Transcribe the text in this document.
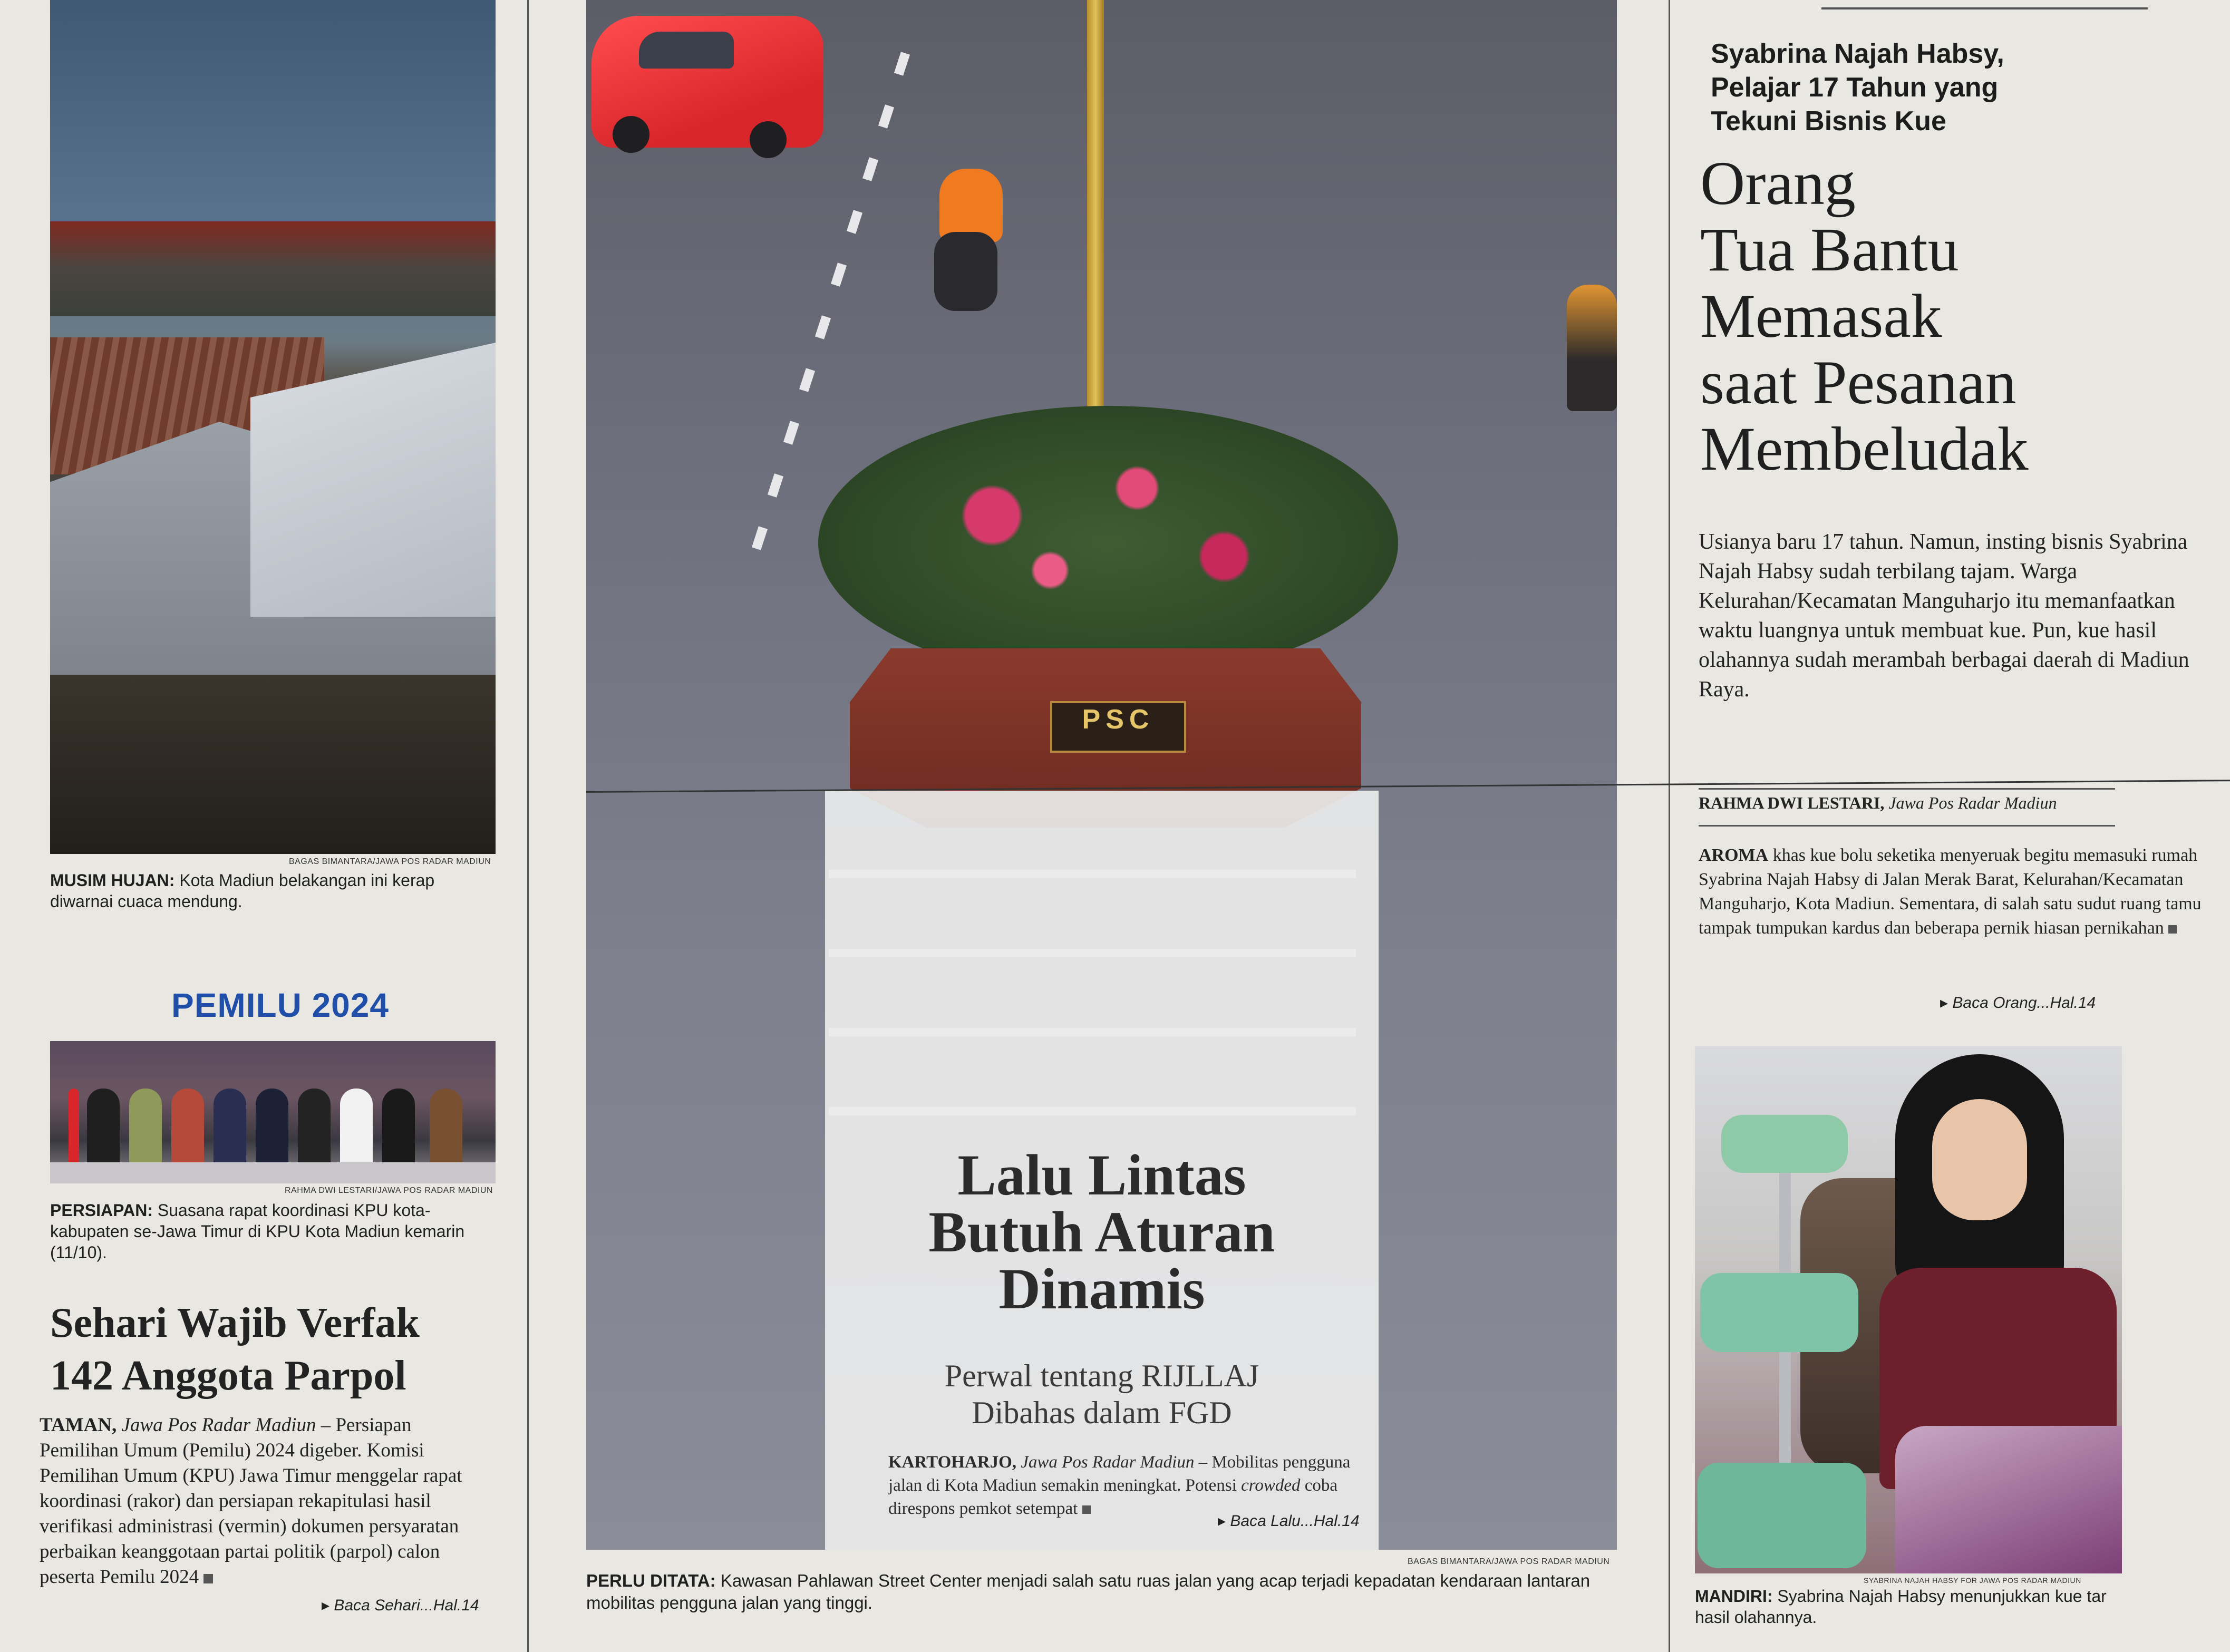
BAGAS BIMANTARA/JAWA POS RADAR MADIUN
MUSIM HUJAN: Kota Madiun belakangan ini kerap diwarnai cuaca mendung.
PEMILU 2024
RAHMA DWI LESTARI/JAWA POS RADAR MADIUN
PERSIAPAN: Suasana rapat koordinasi KPU kota-kabupaten se-Jawa Timur di KPU Kota Madiun kemarin (11/10).
Sehari Wajib Verfak
142 Anggota Parpol
TAMAN, Jawa Pos Radar Madiun – Persiapan Pemilihan Umum (Pemilu) 2024 digeber. Komisi Pemilihan Umum (KPU) Jawa Timur menggelar rapat koordinasi (rakor) dan persiapan rekapitulasi hasil verifikasi administrasi (vermin) dokumen persyaratan perbaikan keanggotaan partai politik (parpol) calon peserta Pemilu 2024
▸ Baca Sehari...Hal.14
PSC
Lalu Lintas
Butuh Aturan
Dinamis
Perwal tentang RIJLLAJ
Dibahas dalam FGD
KARTOHARJO, Jawa Pos Radar Madiun – Mobilitas pengguna jalan di Kota Madiun semakin meningkat. Potensi crowded coba direspons pemkot setempat
▸ Baca Lalu...Hal.14
BAGAS BIMANTARA/JAWA POS RADAR MADIUN
PERLU DITATA: Kawasan Pahlawan Street Center menjadi salah satu ruas jalan yang acap terjadi kepadatan kendaraan lantaran mobilitas pengguna jalan yang tinggi.
Syabrina Najah Habsy,
Pelajar 17 Tahun yang
Tekuni Bisnis Kue
Orang
Tua Bantu
Memasak
saat Pesanan
Membeludak
Usianya baru 17 tahun. Namun, insting bisnis Syabrina Najah Habsy sudah terbilang tajam. Warga Kelurahan/Kecamatan Manguharjo itu memanfaatkan waktu luangnya untuk membuat kue. Pun, kue hasil olahannya sudah merambah berbagai daerah di Madiun Raya.
RAHMA DWI LESTARI, Jawa Pos Radar Madiun
AROMA khas kue bolu seketika menyeruak begitu memasuki rumah Syabrina Najah Habsy di Jalan Merak Barat, Kelurahan/Kecamatan Manguharjo, Kota Madiun. Sementara, di salah satu sudut ruang tamu tampak tumpukan kardus dan beberapa pernik hiasan pernikahan
▸ Baca Orang...Hal.14
SYABRINA NAJAH HABSY FOR JAWA POS RADAR MADIUN
MANDIRI: Syabrina Najah Habsy menunjukkan kue tar hasil olahannya.
